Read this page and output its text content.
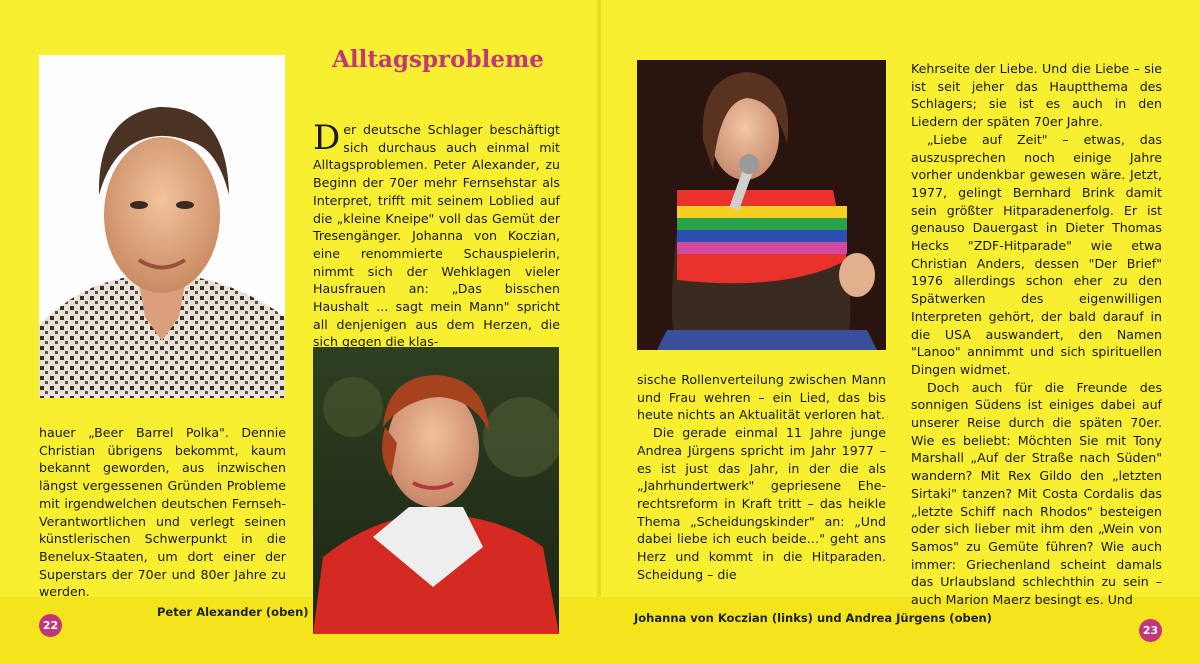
Alltagsprobleme

Der deutsche Schlager beschäftigt sich durchaus auch einmal mit Alltagsproblemen. Peter Alexander, zu Beginn der 70er mehr Fernsehstar als Interpret, trifft mit seinem Loblied auf die „kleine Kneipe" voll das Gemüt der Tresengänger. Johanna von Koczian, eine renommierte Schauspielerin, nimmt sich der Wehklagen vieler Hausfrauen an: „Das bisschen Haushalt ... sagt mein Mann" spricht all denjenigen aus dem Herzen, die sich gegen die klas-

hauer „Beer Barrel Polka". Dennie Christian übrigens bekommt, kaum bekannt geworden, aus inzwischen längst vergessenen Gründen Probleme mit irgendwelchen deutschen Fernseh-Verantwortlichen und verlegt seinen künstlerischen Schwerpunkt in die Benelux-Staaten, um dort einer der Superstars der 70er und 80er Jahre zu werden.

sische Rollenverteilung zwischen Mann und Frau wehren – ein Lied, das bis heute nichts an Aktualität verloren hat.

Die gerade einmal 11 Jahre junge Andrea Jürgens spricht im Jahr 1977 – es ist just das Jahr, in der die als „Jahrhundertwerk" gepriesene Eherechtsreform in Kraft tritt – das heikle Thema „Scheidungskinder" an: „Und dabei liebe ich euch beide…" geht ans Herz und kommt in die Hitparaden. Scheidung – die

Kehrseite der Liebe. Und die Liebe – sie ist seit jeher das Hauptthema des Schlagers; sie ist es auch in den Liedern der späten 70er Jahre.

„Liebe auf Zeit" – etwas, das auszusprechen noch einige Jahre vorher undenkbar gewesen wäre. Jetzt, 1977, gelingt Bernhard Brink damit sein größter Hitparadenerfolg. Er ist genauso Dauergast in Dieter Thomas Hecks "ZDF-Hitparade" wie etwa Christian Anders, dessen "Der Brief" 1976 allerdings schon eher zu den Spätwerken des eigenwilligen Interpreten gehört, der bald darauf in die USA auswandert, den Namen "Lanoo" annimmt und sich spirituellen Dingen widmet.

Doch auch für die Freunde des sonnigen Südens ist einiges dabei auf unserer Reise durch die späten 70er. Wie es beliebt: Möchten Sie mit Tony Marshall „Auf der Straße nach Süden" wandern? Mit Rex Gildo den „letzten Sirtaki" tanzen? Mit Costa Cordalis das „letzte Schiff nach Rhodos" besteigen oder sich lieber mit ihm den „Wein von Samos" zu Gemüte führen? Wie auch immer: Griechenland scheint damals das Urlaubsland schlechthin zu sein – auch Marion Maerz besingt es. Und

Peter Alexander (oben)	Johanna von Koczian (links) und Andrea Jürgens (oben)
22	23
